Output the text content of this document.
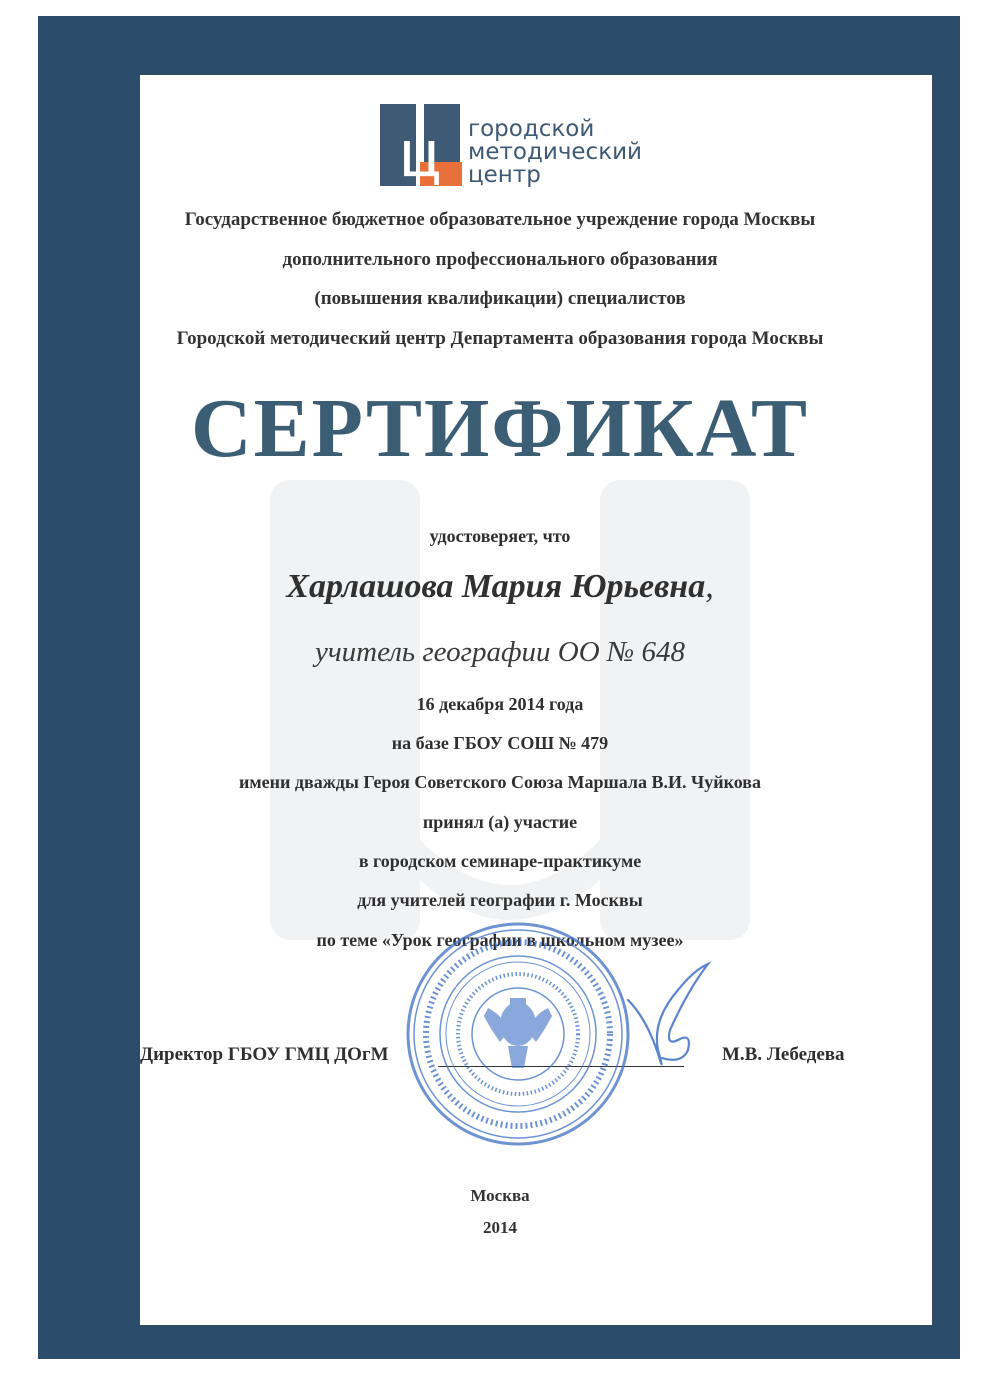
ц городской
методический
центр
Государственное бюджетное образовательное учреждение города Москвы
дополнительного профессионального образования
(повышения квалификации) специалистов
Городской методический центр Департамента образования города Москвы
СЕРТИФИКАТ
удостоверяет, что
Харлашова Мария Юрьевна,
учитель географии ОО № 648
16 декабря 2014 года
на базе ГБОУ СОШ № 479
имени дважды Героя Советского Союза Маршала В.И. Чуйкова
принял (а) участие
в городском семинаре-практикуме
для учителей географии г. Москвы
по теме «Урок географии в школьном музее»
Директор ГБОУ ГМЦ ДОгМ	М.В. Лебедева
Москва
2014
